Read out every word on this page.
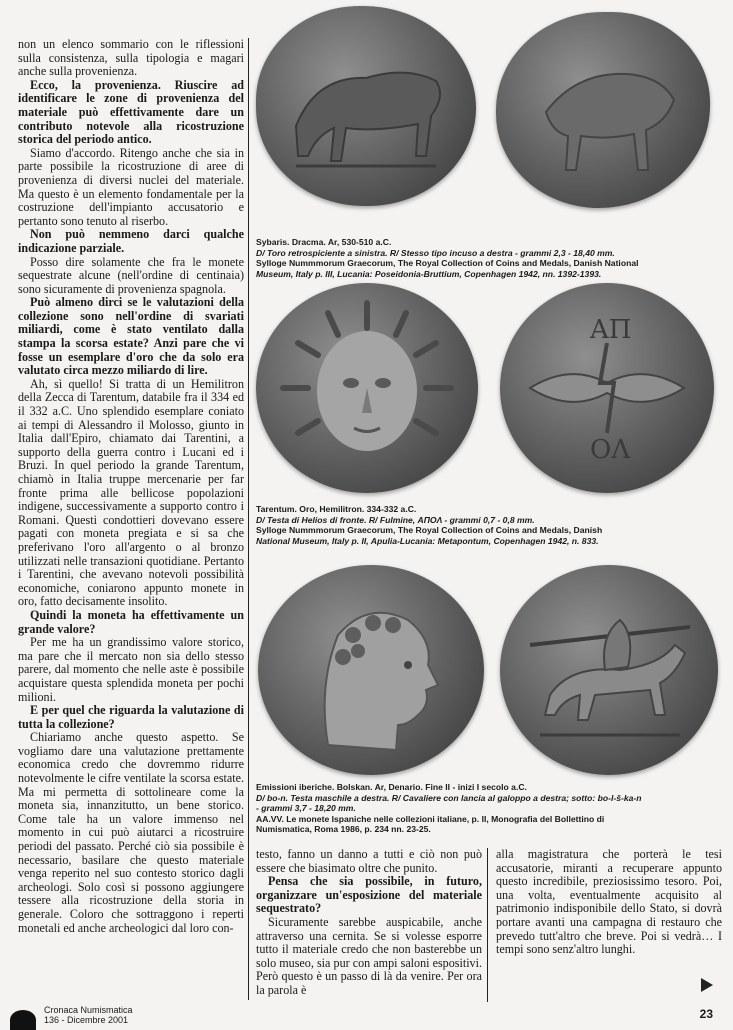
non un elenco sommario con le riflessioni sulla consistenza, sulla tipologia e magari anche sulla provenienza.

Ecco, la provenienza. Riuscire ad identificare le zone di provenienza del materiale può effettivamente dare un contributo notevole alla ricostruzione storica del periodo antico.

Siamo d'accordo. Ritengo anche che sia in parte possibile la ricostruzione di aree di provenienza di diversi nuclei del materiale. Ma questo è un elemento fondamentale per la costruzione dell'impianto accusatorio e pertanto sono tenuto al riserbo.

Non può nemmeno darci qualche indicazione parziale.

Posso dire solamente che fra le monete sequestrate alcune (nell'ordine di centinaia) sono sicuramente di provenienza spagnola.

Può almeno dirci se le valutazioni della collezione sono nell'ordine di svariati miliardi, come è stato ventilato dalla stampa la scorsa estate? Anzi pare che vi fosse un esemplare d'oro che da solo era valutato circa mezzo miliardo di lire.

Ah, sì quello! Si tratta di un Hemilitron della Zecca di Tarentum, databile fra il 334 ed il 332 a.C. Uno splendido esemplare coniato ai tempi di Alessandro il Molosso, giunto in Italia dall'Epiro, chiamato dai Tarentini, a supporto della guerra contro i Lucani ed i Bruzi. In quel periodo la grande Tarentum, chiamò in Italia truppe mercenarie per far fronte prima alle bellicose popolazioni indigene, successivamente a supporto contro i Romani. Questi condottieri dovevano essere pagati con moneta pregiata e si sa che preferivano l'oro all'argento o al bronzo utilizzati nelle transazioni quotidiane. Pertanto i Tarentini, che avevano notevoli possibilità economiche, coniarono appunto monete in oro, fatto decisamente insolito.

Quindi la moneta ha effettivamente un grande valore?

Per me ha un grandissimo valore storico, ma pare che il mercato non sia dello stesso parere, dal momento che nelle aste è possibile acquistare questa splendida moneta per pochi milioni.

E per quel che riguarda la valutazione di tutta la collezione?

Chiariamo anche questo aspetto. Se vogliamo dare una valutazione prettamente economica credo che dovremmo ridurre notevolmente le cifre ventilate la scorsa estate. Ma mi permetta di sottolineare come la moneta sia, innanzitutto, un bene storico. Come tale ha un valore immenso nel momento in cui può aiutarci a ricostruire periodi del passato. Perché ciò sia possibile è necessario, basilare che questo materiale venga reperito nel suo contesto storico dagli archeologi. Solo così si possono aggiungere tessere alla ricostruzione della storia in generale. Coloro che sottraggono i reperti monetali ed anche archeologici dal loro con-

Sybaris. Dracma. Ar, 530-510 a.C.
D/ Toro retrospiciente a sinistra. R/ Stesso tipo incuso a destra - grammi 2,3 - 18,40 mm.
Sylloge Nummmorum Graecorum, The Royal Collection of Coins and Medals, Danish National
Museum, Italy p. III, Lucania: Poseidonia-Bruttium, Copenhagen 1942, nn. 1392-1393.
ΑΠ
ΟΛ
Tarentum. Oro, Hemilitron. 334-332 a.C.
D/ Testa di Helios di fronte. R/ Fulmine, ΑΠΟΛ - grammi 0,7 - 0,8 mm.
Sylloge Nummmorum Graecorum, The Royal Collection of Coins and Medals, Danish
National Museum, Italy p. II, Apulia-Lucania: Metapontum, Copenhagen 1942, n. 833.
Emissioni iberiche. Bolskan. Ar, Denario. Fine II - inizi I secolo a.C.
D/ bo-n. Testa maschile a destra. R/ Cavaliere con lancia al galoppo a destra; sotto: bo-l-š-ka-n
- grammi 3,7 - 18,20 mm.
AA.VV. Le monete Ispaniche nelle collezioni italiane, p. II, Monografia del Bollettino di
Numismatica, Roma 1986, p. 234 nn. 23-25.

testo, fanno un danno a tutti e ciò non può essere che biasimato oltre che punito.

Pensa che sia possibile, in futuro, organizzare un'esposizione del materiale sequestrato?

Sicuramente sarebbe auspicabile, anche attraverso una cernita. Se si volesse esporre tutto il materiale credo che non basterebbe un solo museo, sia pur con ampi saloni espositivi. Però questo è un passo di là da venire. Per ora la parola è

alla magistratura che porterà le tesi accusatorie, miranti a recuperare appunto questo incredibile, preziosissimo tesoro. Poi, una volta, eventualmente acquisito al patrimonio indisponibile dello Stato, si dovrà portare avanti una campagna di restauro che prevedo tutt'altro che breve. Poi si vedrà… I tempi sono senz'altro lunghi.

Cronaca Numismatica
136 - Dicembre 2001	23
